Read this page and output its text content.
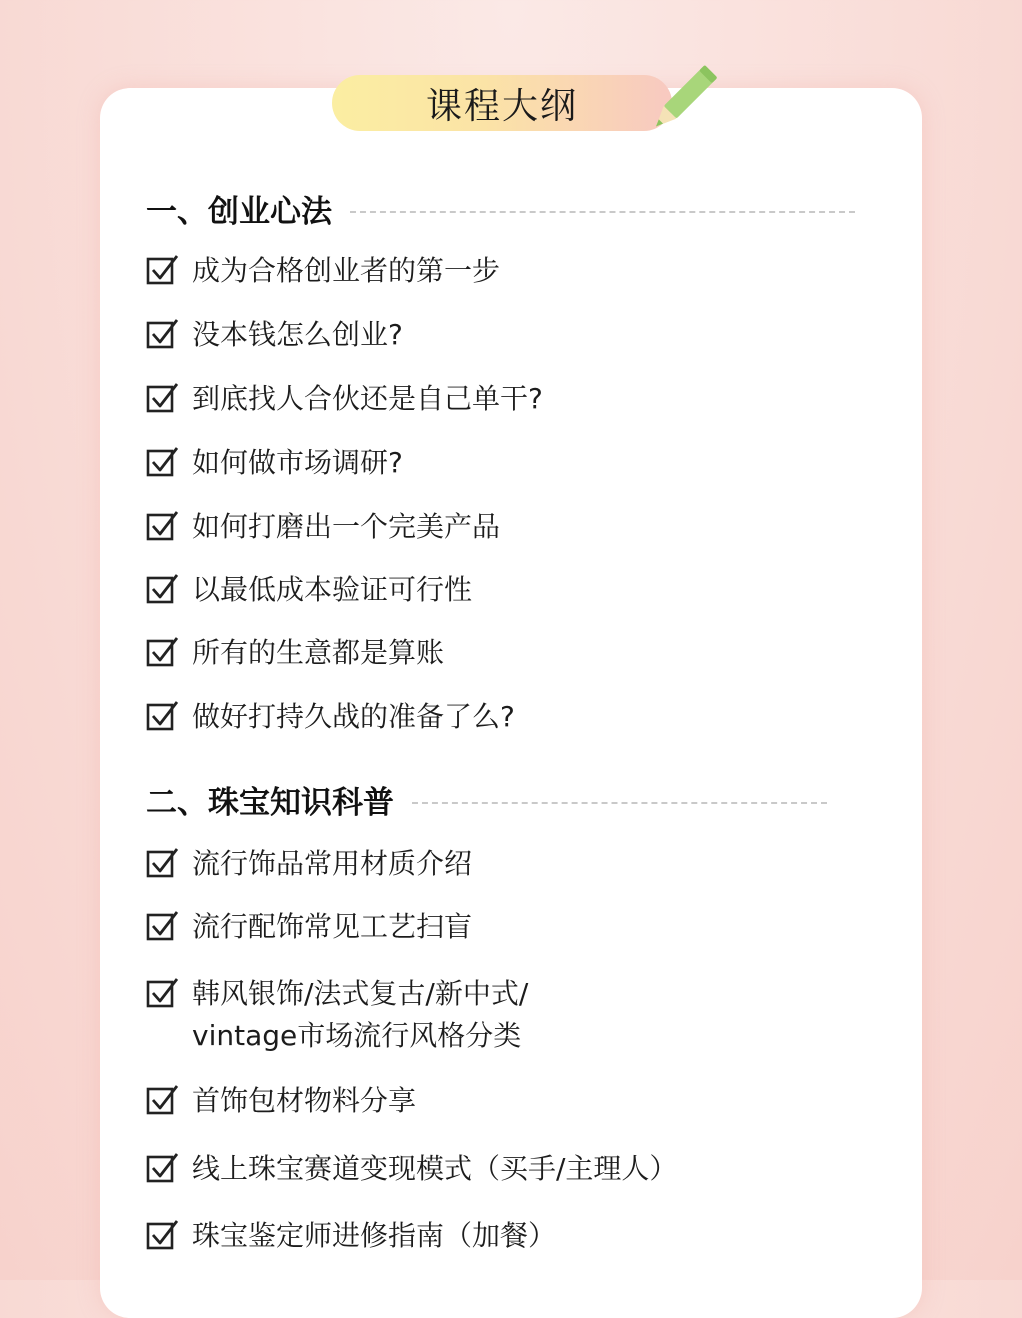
课程大纲
一、创业心法
成为合格创业者的第一步
没本钱怎么创业?
到底找人合伙还是自己单干?
如何做市场调研?
如何打磨出一个完美产品
以最低成本验证可行性
所有的生意都是算账
做好打持久战的准备了么?
二、珠宝知识科普
流行饰品常用材质介绍
流行配饰常见工艺扫盲
韩风银饰/法式复古/新中式/
vintage市场流行风格分类
首饰包材物料分享
线上珠宝赛道变现模式（买手/主理人）
珠宝鉴定师进修指南（加餐）
